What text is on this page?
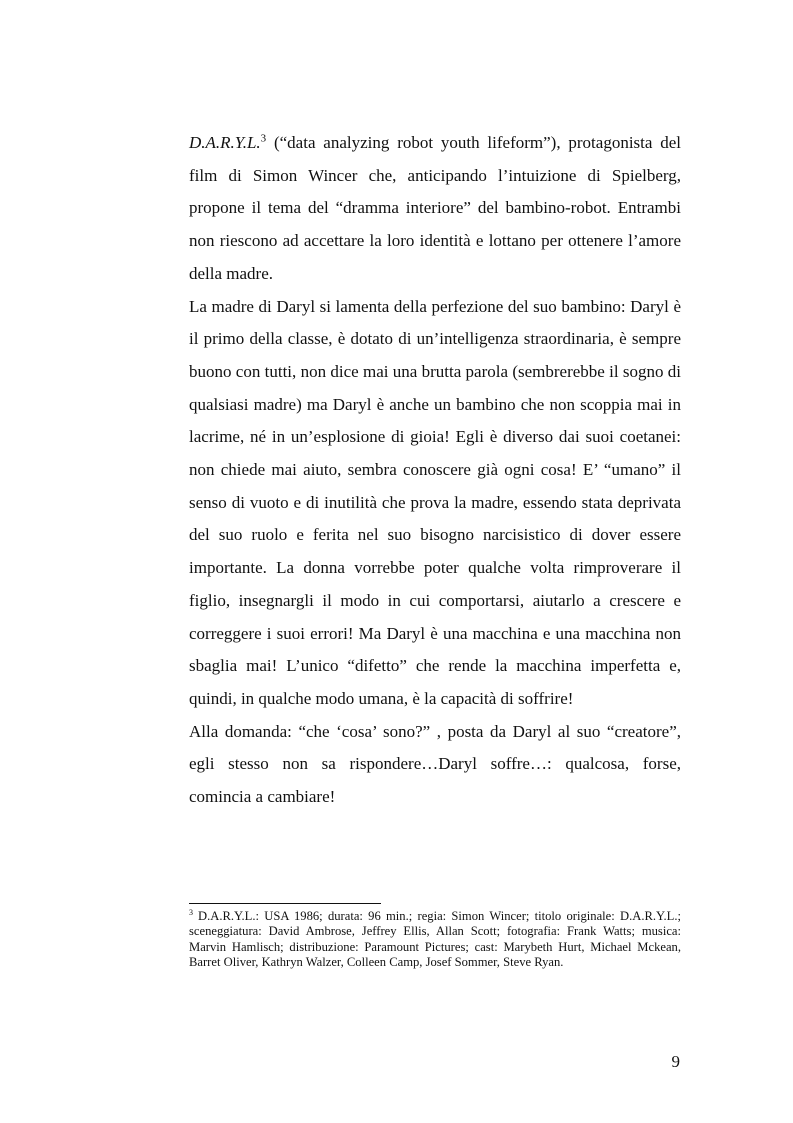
D.A.R.Y.L.$^3$ (“data analyzing robot youth lifeform”), protagonista del film di Simon Wincer che, anticipando l’intuizione di Spielberg, propone il tema del “dramma interiore” del bambino-robot. Entrambi non riescono ad accettare la loro identità e lottano per ottenere l’amore della madre.

La madre di Daryl si lamenta della perfezione del suo bambino: Daryl è il primo della classe, è dotato di un’intelligenza straordinaria, è sempre buono con tutti, non dice mai una brutta parola (sembrerebbe il sogno di qualsiasi madre) ma Daryl è anche un bambino che non scoppia mai in lacrime, né in un’esplosione di gioia! Egli è diverso dai suoi coetanei: non chiede mai aiuto, sembra conoscere già ogni cosa! E’ “umano” il senso di vuoto e di inutilità che prova la madre, essendo stata deprivata del suo ruolo e ferita nel suo bisogno narcisistico di dover essere importante. La donna vorrebbe poter qualche volta rimproverare il figlio, insegnargli il modo in cui comportarsi, aiutarlo a crescere e correggere i suoi errori! Ma Daryl è una macchina e una macchina non sbaglia mai! L’unico “difetto” che rende la macchina imperfetta e, quindi, in qualche modo umana, è la capacità di soffrire!

Alla domanda: “che ‘cosa’ sono?” , posta da Daryl al suo “creatore”, egli stesso non sa rispondere…Daryl soffre…: qualcosa, forse, comincia a cambiare!

$^3$ D.A.R.Y.L.: USA 1986; durata: 96 min.; regia: Simon Wincer; titolo originale: D.A.R.Y.L.; sceneggiatura: David Ambrose, Jeffrey Ellis, Allan Scott; fotografia: Frank Watts; musica: Marvin Hamlisch; distribuzione: Paramount Pictures; cast: Marybeth Hurt, Michael Mckean, Barret Oliver, Kathryn Walzer, Colleen Camp, Josef Sommer, Steve Ryan.
9
